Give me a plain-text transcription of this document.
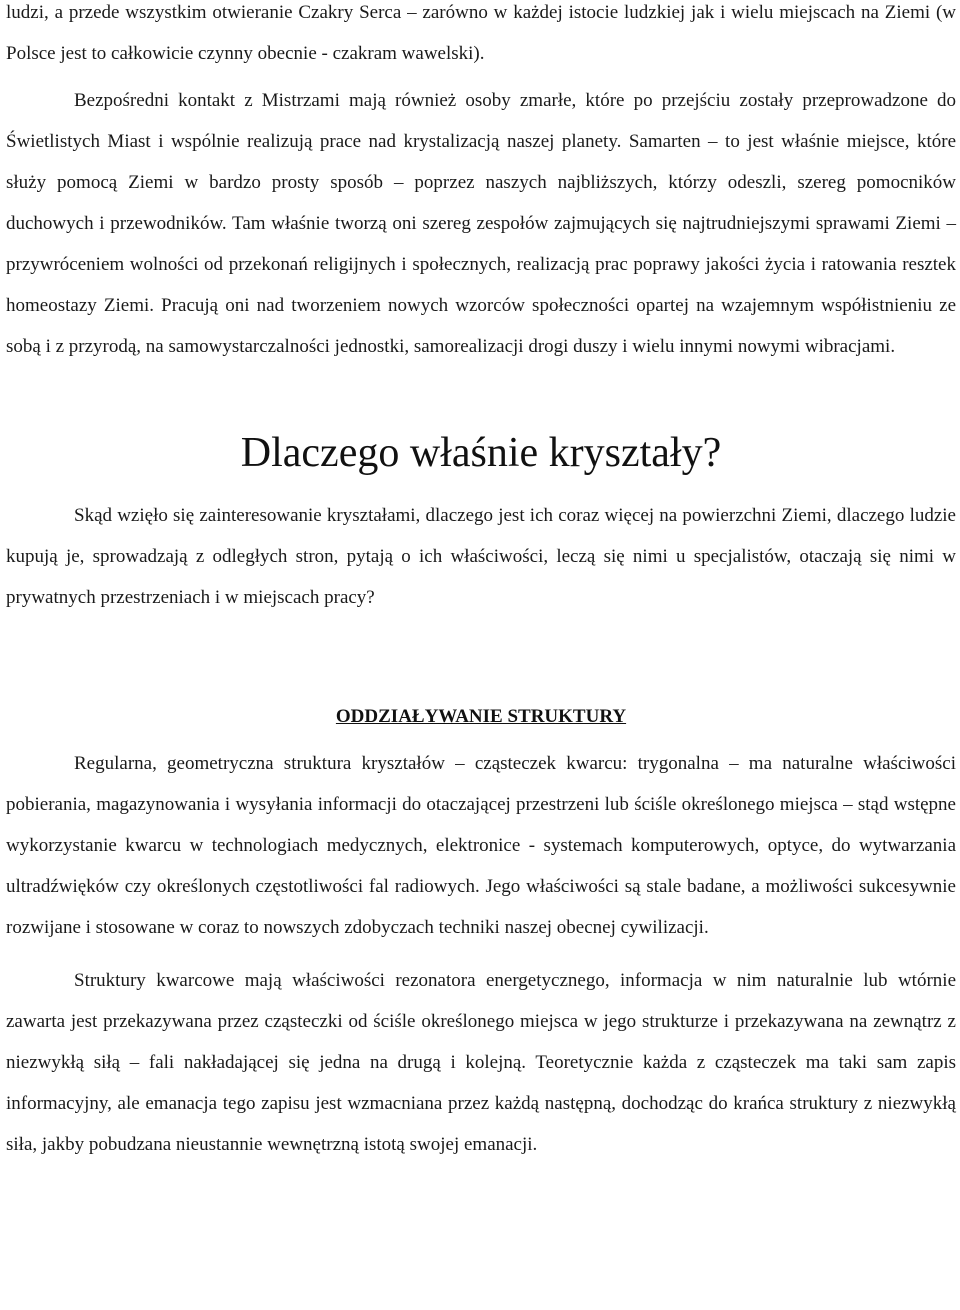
ludzi, a przede wszystkim otwieranie Czakry Serca – zarówno w każdej istocie ludzkiej jak i wielu miejscach na Ziemi (w Polsce jest to całkowicie czynny obecnie - czakram wawelski).

Bezpośredni kontakt z Mistrzami mają również osoby zmarłe, które po przejściu zostały przeprowadzone do Świetlistych Miast i wspólnie realizują prace nad krystalizacją naszej planety. Samarten – to jest właśnie miejsce, które służy pomocą Ziemi w bardzo prosty sposób – poprzez naszych najbliższych, którzy odeszli, szereg pomocników duchowych i przewodników. Tam właśnie tworzą oni szereg zespołów zajmujących się najtrudniejszymi sprawami Ziemi – przywróceniem wolności od przekonań religijnych i społecznych, realizacją prac poprawy jakości życia i ratowania resztek homeostazy Ziemi. Pracują oni nad tworzeniem nowych wzorców społeczności opartej na wzajemnym współistnieniu ze sobą i z przyrodą, na samowystarczalności jednostki, samorealizacji drogi duszy i wielu innymi nowymi wibracjami.

Dlaczego właśnie kryształy?

Skąd wzięło się zainteresowanie kryształami, dlaczego jest ich coraz więcej na powierzchni Ziemi, dlaczego ludzie kupują je, sprowadzają z odległych stron, pytają o ich właściwości, leczą się nimi u specjalistów, otaczają się nimi w prywatnych przestrzeniach i w miejscach pracy?

ODDZIAŁYWANIE STRUKTURY

Regularna, geometryczna struktura kryształów – cząsteczek kwarcu: trygonalna – ma naturalne właściwości pobierania, magazynowania i wysyłania informacji do otaczającej przestrzeni lub ściśle określonego miejsca – stąd wstępne wykorzystanie kwarcu w technologiach medycznych, elektronice - systemach komputerowych, optyce, do wytwarzania ultradźwięków czy określonych częstotliwości fal radiowych. Jego właściwości są stale badane, a możliwości sukcesywnie rozwijane i stosowane w coraz to nowszych zdobyczach techniki naszej obecnej cywilizacji.

Struktury kwarcowe mają właściwości rezonatora energetycznego, informacja w nim naturalnie lub wtórnie zawarta jest przekazywana przez cząsteczki od ściśle określonego miejsca w jego strukturze i przekazywana na zewnątrz z niezwykłą siłą – fali nakładającej się jedna na drugą i kolejną. Teoretycznie każda z cząsteczek ma taki sam zapis informacyjny, ale emanacja tego zapisu jest wzmacniana przez każdą następną, dochodząc do krańca struktury z niezwykłą siła, jakby pobudzana nieustannie wewnętrzną istotą swojej emanacji.
